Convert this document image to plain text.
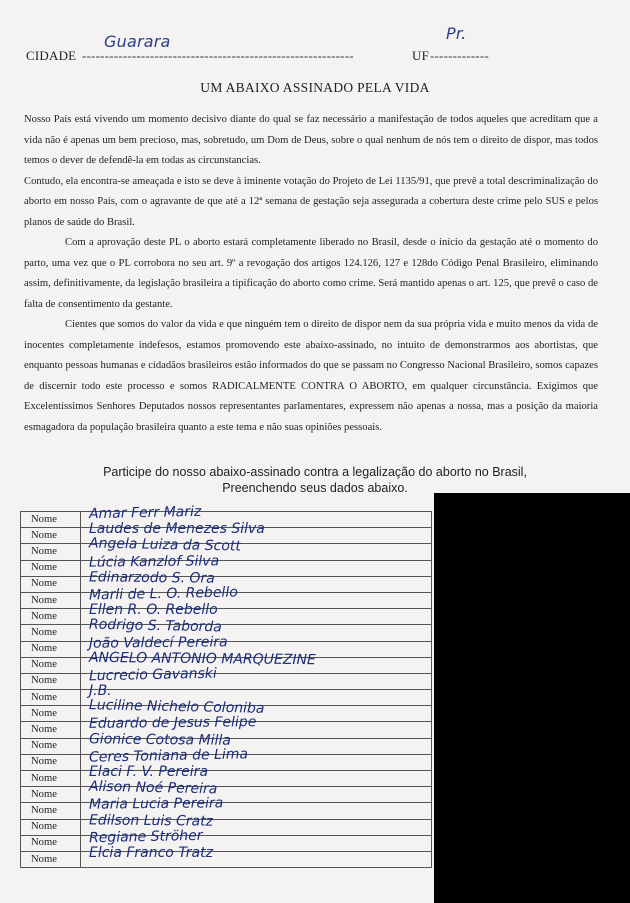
CIDADE ------------------------------------------------------------
Guarara
UF -------------
Pr.
UM ABAIXO ASSINADO PELA VIDA

Nosso País está vivendo um momento decisivo diante do qual se faz necessário a manifestação de todos aqueles que acreditam que a vida não é apenas um bem precioso, mas, sobretudo, um Dom de Deus, sobre o qual nenhum de nós tem o direito de dispor, mas todos temos o dever de defendê-la em todas as circunstancias.

Contudo, ela encontra-se ameaçada e isto se deve à iminente votação do Projeto de Lei 1135/91, que prevê a total descriminalização do aborto em nosso País, com o agravante de que até a 12ª semana de gestação seja assegurada a cobertura deste crime pelo SUS e pelos planos de saúde do Brasil.

Com a aprovação deste PL o aborto estará completamente liberado no Brasil, desde o início da gestação até o momento do parto, uma vez que o PL corrobora no seu art. 9º a revogação dos artigos 124.126, 127 e 128do Código Penal Brasileiro, eliminando assim, definitivamente, da legislação brasileira a tipificação do aborto como crime. Será mantido apenas o art. 125, que prevê o caso de falta de consentimento da gestante.

Cientes que somos do valor da vida e que ninguém tem o direito de dispor nem da sua própria vida e muito menos da vida de inocentes completamente indefesos, estamos promovendo este abaixo-assinado, no intuito de demonstrarmos aos abortistas, que enquanto pessoas humanas e cidadãos brasileiros estão informados do que se passam no Congresso Nacional Brasileiro, somos capazes de discernir todo este processo e somos RADICALMENTE CONTRA O ABORTO, em qualquer circunstância. Exigimos que Excelentíssimos Senhores Deputados nossos representantes parlamentares, expressem não apenas a nossa, mas a posição da maioria esmagadora da população brasileira quanto a este tema e não suas opiniões pessoais.

Participe do nosso abaixo-assinado contra a legalização do aborto no Brasil,
Preenchendo seus dados abaixo.
Nome	Amar Ferr Mariz

Nome	Laudes de Menezes Silva

Nome	Angela Luiza da Scott

Nome	Lúcia Kanzlof Silva

Nome	Edinarzodo S. Ora

Nome	Marli de L. O. Rebello

Nome	Ellen R. O. Rebello

Nome	Rodrigo S. Taborda

Nome	João Valdecí Pereira

Nome	ANGELO ANTONIO MARQUEZINE

Nome	Lucrecio Gavanski

Nome	J.B.

Nome	Luciline Nichelo Coloniba

Nome	Eduardo de Jesus Felipe

Nome	Gionice Cotosa Milla

Nome	Ceres Toniana de Lima

Nome	Elaci F. V. Pereira

Nome	Alison Noé Pereira

Nome	Maria Lucia Pereira

Nome	Edilson Luis Cratz

Nome	Regiane Ströher

Nome	Elcia Franco Tratz
